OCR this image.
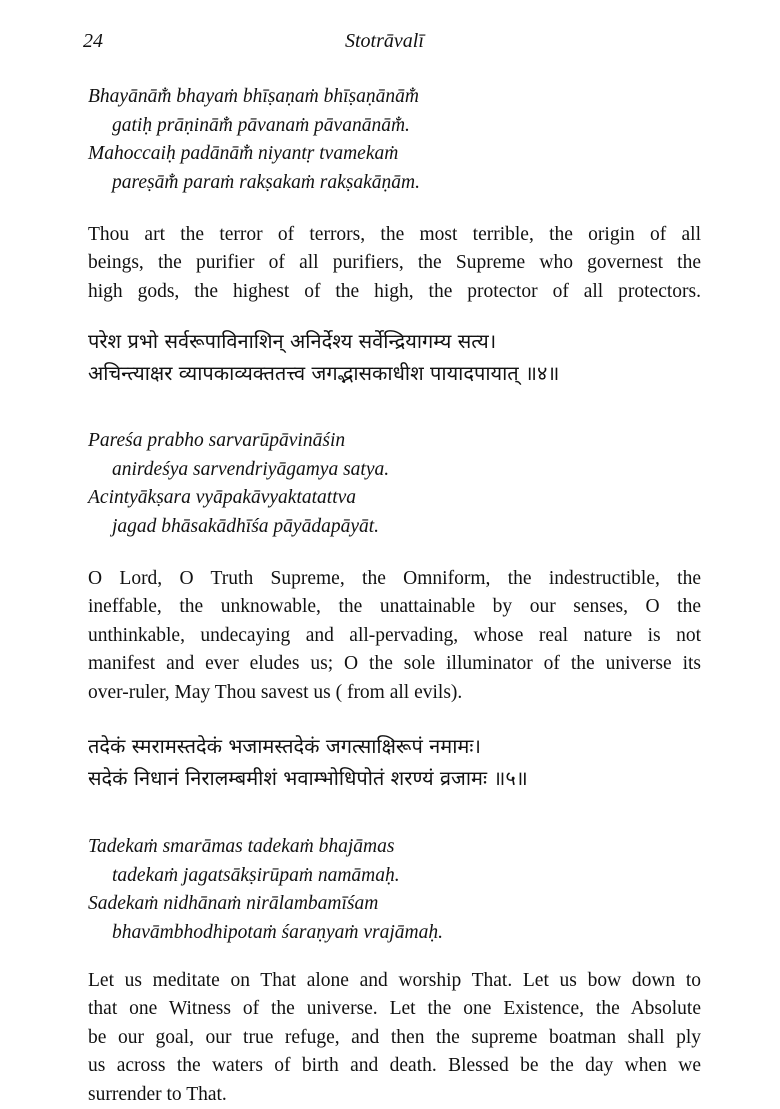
24	Stotrāvalī
Bhayānām̐ bhayaṁ bhīṣaṇaṁ bhīṣaṇānām̐
gatiḥ prāṇinām̐ pāvanaṁ pāvanānām̐.
Mahoccaiḥ padānām̐ niyantṛ tvamekaṁ
pareṣām̐ paraṁ rakṣakaṁ rakṣakāṇām.
Thou art the terror of terrors, the most terrible, the origin of all
beings, the purifier of all purifiers, the Supreme who governest the
high gods, the highest of the high, the protector of all protectors.
परेश प्रभो सर्वरूपाविनाशिन् अनिर्देश्य सर्वेन्द्रियागम्य सत्य।
अचिन्त्याक्षर व्यापकाव्यक्ततत्त्व जगद्भासकाधीश पायादपायात् ॥४॥
Pareśa prabho sarvarūpāvināśin
anirdeśya sarvendriyāgamya satya.
Acintyākṣara vyāpakāvyaktatattva
jagad bhāsakādhīśa pāyādapāyāt.
O Lord, O Truth Supreme, the Omniform, the indestructible, the
ineffable, the unknowable, the unattainable by our senses, O the
unthinkable, undecaying and all-pervading, whose real nature is not
manifest and ever eludes us; O the sole illuminator of the universe its
over-ruler, May Thou savest us ( from all evils).
तदेकं स्मरामस्तदेकं भजामस्तदेकं जगत्साक्षिरूपं नमामः।
सदेकं निधानं निरालम्बमीशं भवाम्भोधिपोतं शरण्यं व्रजामः ॥५॥
Tadekaṁ smarāmas tadekaṁ bhajāmas
tadekaṁ jagatsākṣirūpaṁ namāmaḥ.
Sadekaṁ nidhānaṁ nirālambamīśam
bhavāmbhodhipotaṁ śaraṇyaṁ vrajāmaḥ.
Let us meditate on That alone and worship That. Let us bow down to
that one Witness of the universe. Let the one Existence, the Absolute
be our goal, our true refuge, and then the supreme boatman shall ply
us across the waters of birth and death. Blessed be the day when we
surrender to That.
